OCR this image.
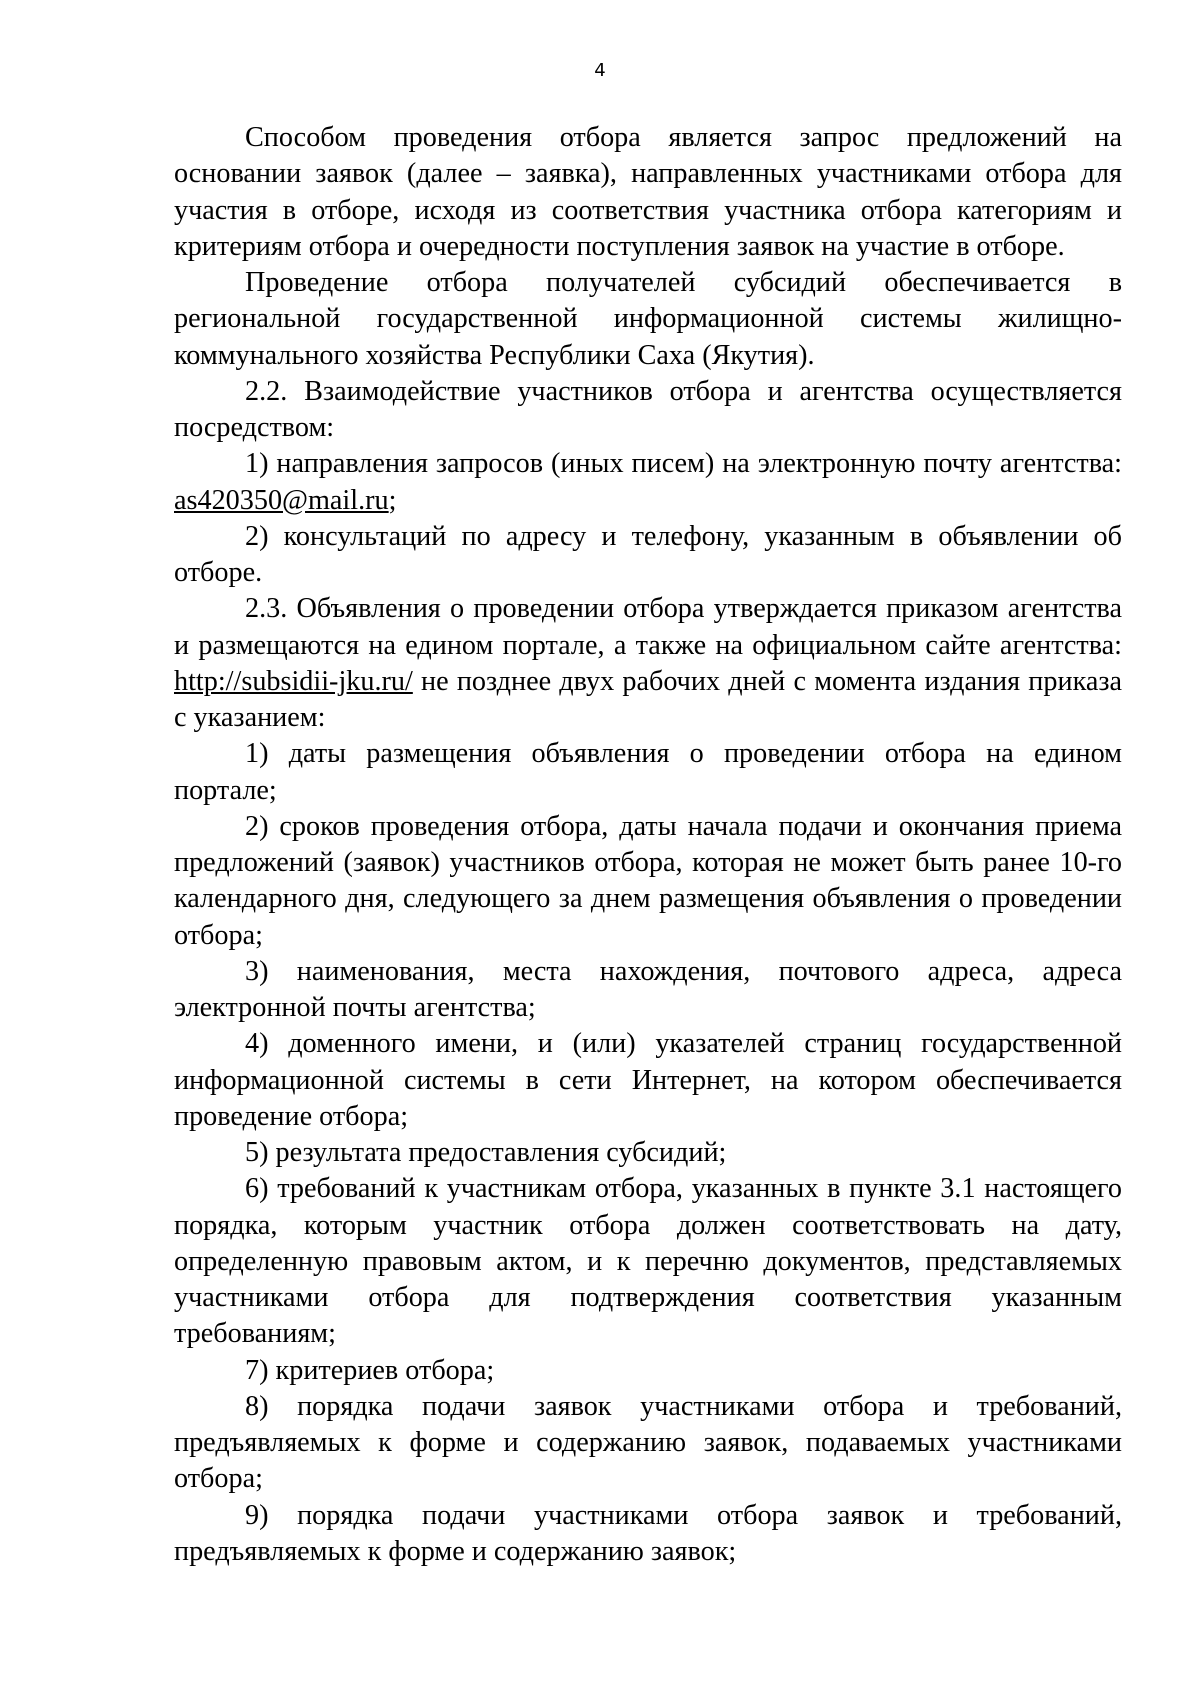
4

Способом проведения отбора является запрос предложений на основании заявок (далее – заявка), направленных участниками отбора для участия в отборе, исходя из соответствия участника отбора категориям и критериям отбора и очередности поступления заявок на участие в отборе.

Проведение отбора получателей субсидий обеспечивается в региональной государственной информационной системы жилищно-коммунального хозяйства Республики Саха (Якутия).

2.2. Взаимодействие участников отбора и агентства осуществляется посредством:

1) направления запросов (иных писем) на электронную почту агентства: as420350@mail.ru;

2) консультаций по адресу и телефону, указанным в объявлении об отборе.

2.3. Объявления о проведении отбора утверждается приказом агентства и размещаются на едином портале, а также на официальном сайте агентства: http://subsidii-jku.ru/ не позднее двух рабочих дней с момента издания приказа с указанием:

1) даты размещения объявления о проведении отбора на едином портале;

2) сроков проведения отбора, даты начала подачи и окончания приема предложений (заявок) участников отбора, которая не может быть ранее 10-го календарного дня, следующего за днем размещения объявления о проведении отбора;

3) наименования, места нахождения, почтового адреса, адреса электронной почты агентства;

4) доменного имени, и (или) указателей страниц государственной информационной системы в сети Интернет, на котором обеспечивается проведение отбора;

5) результата предоставления субсидий;

6) требований к участникам отбора, указанных в пункте 3.1 настоящего порядка, которым участник отбора должен соответствовать на дату, определенную правовым актом, и к перечню документов, представляемых участниками отбора для подтверждения соответствия указанным требованиям;

7) критериев отбора;

8) порядка подачи заявок участниками отбора и требований, предъявляемых к форме и содержанию заявок, подаваемых участниками отбора;

9) порядка подачи участниками отбора заявок и требований, предъявляемых к форме и содержанию заявок;
